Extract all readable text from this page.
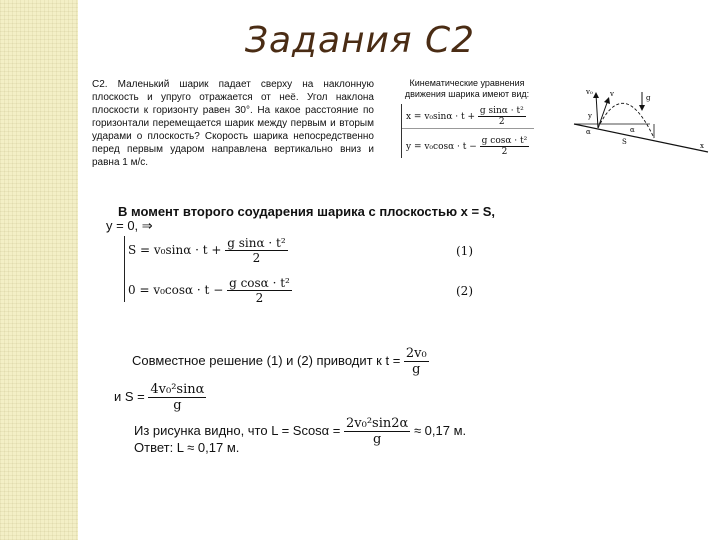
Задания С2
C2. Маленький шарик падает сверху на наклонную плоскость и упруго отражается от неё. Угол наклона плоскости к горизонту равен 30°. На какое расстояние по горизонтали перемещается шарик между первым и вторым ударами о плоскость? Скорость шарика непосредственно перед первым ударом направлена вертикально вниз и равна 1 м/с.
Кинематические уравнения движения шарика имеют вид:
$x = v_0\sin\alpha \cdot t + \frac{\text{g sinα · t²}}{2}$
$y = v_0\cos\alpha \cdot t - \frac{\text{g cosα · t²}}{2}$
v₀ v	g
α
S
α
x
y
В момент второго соударения шарика с плоскостью x = S,
y = 0, ⇒
$S = v_0\sin\alpha \cdot t + \frac{\text{g sinα · t²}}{2}$	(1)
$0 = v_0\cos\alpha \cdot t - \frac{\text{g cosα · t²}}{2}$	(2)
Совместное решение (1) и (2) приводит к $t = \frac{\text{2v₀}}{g}$
и $S = \frac{\text{4v₀²sinα}}{g}$
Из рисунка видно, что $L = Scos\alpha = \frac{\text{2v₀²sin2α}}{g} \approx 0,17$ м.
Ответ: L ≈ 0,17 м.
